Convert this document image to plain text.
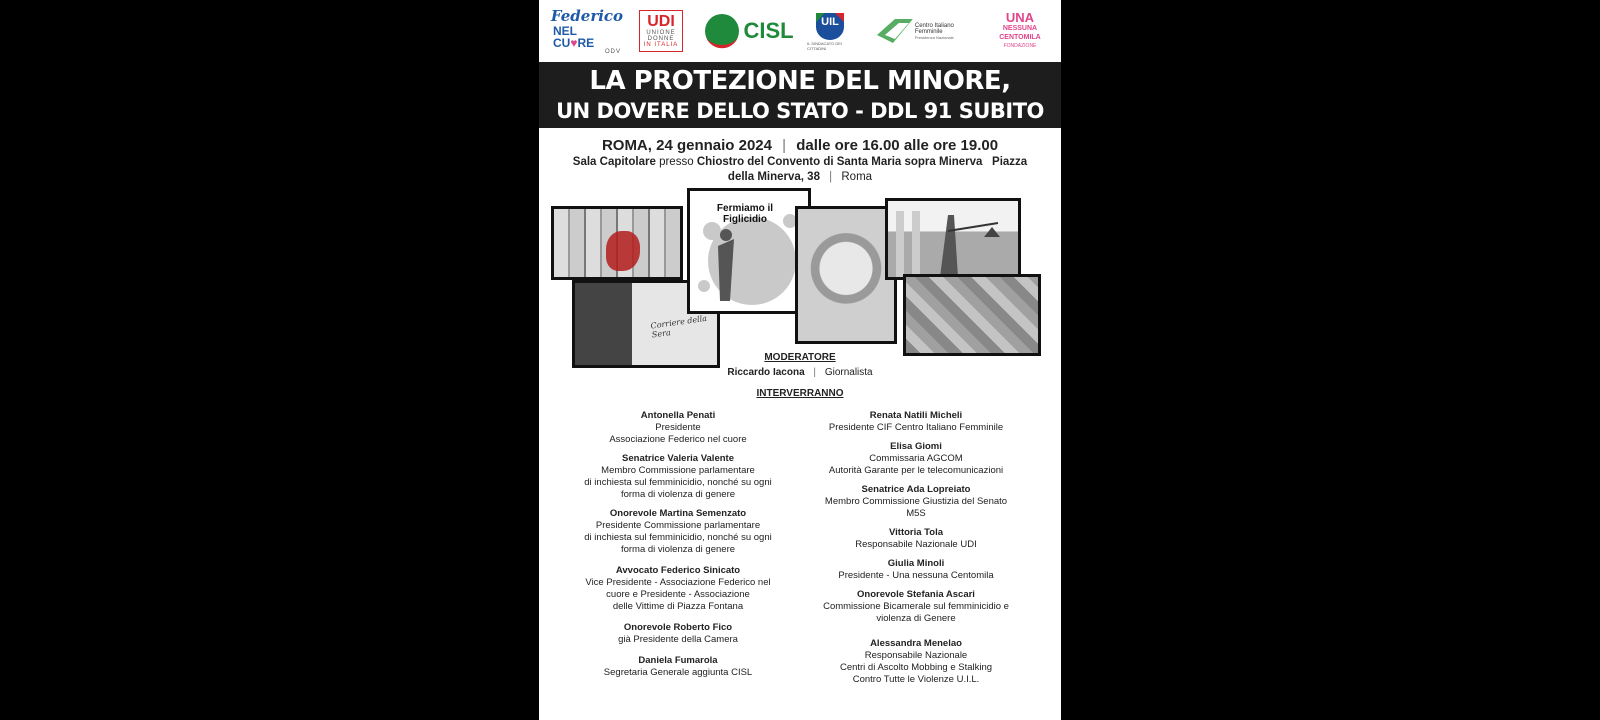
Federico
NEL CU♥RE
ODV
UDI
UNIONE
DONNE
IN ITALIA
CISL	UIL
IL SINDACATO DEI CITTADINI
Centro Italiano Femminile
Presidenza Nazionale
UNA
NESSUNA
CENTOMILA
FONDAZIONE
LA PROTEZIONE DEL MINORE,
UN DOVERE DELLO STATO - DDL 91 SUBITO
ROMA, 24 gennaio 2024 | dalle ore 16.00 alle ore 19.00
Sala Capitolare presso Chiostro del Convento di Santa Maria sopra Minerva Piazza della Minerva, 38 | Roma
Corriere della Sera
Fermiamo il Figlicidio
MODERATORE
Riccardo Iacona | Giornalista
INTERVERRANNO
Antonella Penati
Presidente
Associazione Federico nel cuore
Senatrice Valeria Valente
Membro Commissione parlamentare
di inchiesta sul femminicidio, nonché su ogni
forma di violenza di genere
Onorevole Martina Semenzato
Presidente Commissione parlamentare
di inchiesta sul femminicidio, nonché su ogni
forma di violenza di genere
Avvocato Federico Sinicato
Vice Presidente - Associazione Federico nel
cuore e Presidente - Associazione
delle Vittime di Piazza Fontana
Onorevole Roberto Fico
già Presidente della Camera
Daniela Fumarola
Segretaria Generale aggiunta CISL
Renata Natili Micheli
Presidente CIF Centro Italiano Femminile
Elisa Giomi
Commissaria AGCOM
Autorità Garante per le telecomunicazioni
Senatrice Ada Lopreiato
Membro Commissione Giustizia del Senato
M5S
Vittoria Tola
Responsabile Nazionale UDI
Giulia Minoli
Presidente - Una nessuna Centomila
Onorevole Stefania Ascari
Commissione Bicamerale sul femminicidio e
violenza di Genere
Alessandra Menelao
Responsabile Nazionale
Centri di Ascolto Mobbing e Stalking
Contro Tutte le Violenze U.I.L.
